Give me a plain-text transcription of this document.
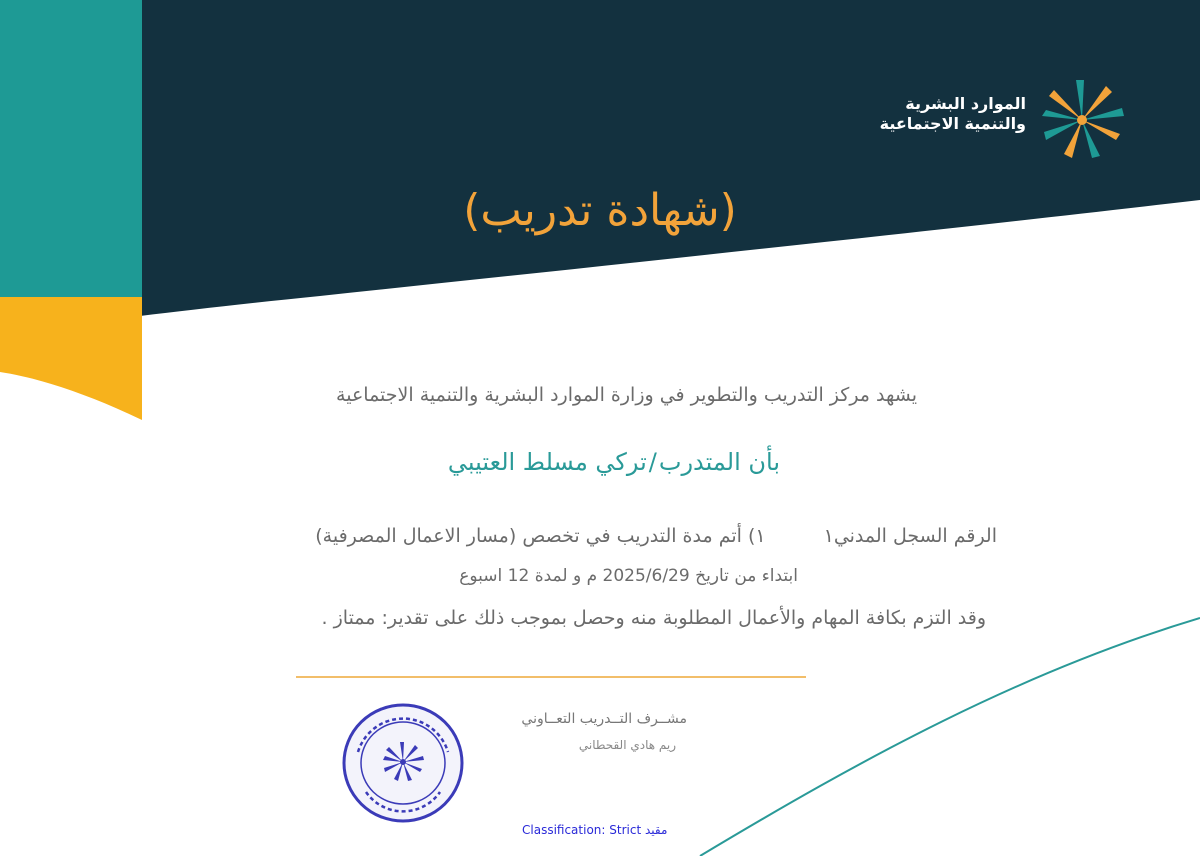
الموارد البشرية
والتنمية الاجتماعية
(شهادة تدريب)
يشهد مركز التدريب والتطوير في وزارة الموارد البشرية والتنمية الاجتماعية
بأن المتدرب/تركي مسلط العتيبي
الرقم السجل المدني١١) أتم مدة التدريب في تخصص (مسار الاعمال المصرفية)
ابتداء من تاريخ 2025/6/29 م و لمدة 12 اسبوع
وقد التزم بكافة المهام والأعمال المطلوبة منه وحصل بموجب ذلك على تقدير: ممتاز .
مشــرف التــدريب التعــاوني
ريم هادي القحطاني
Classification: Strict مقيد
